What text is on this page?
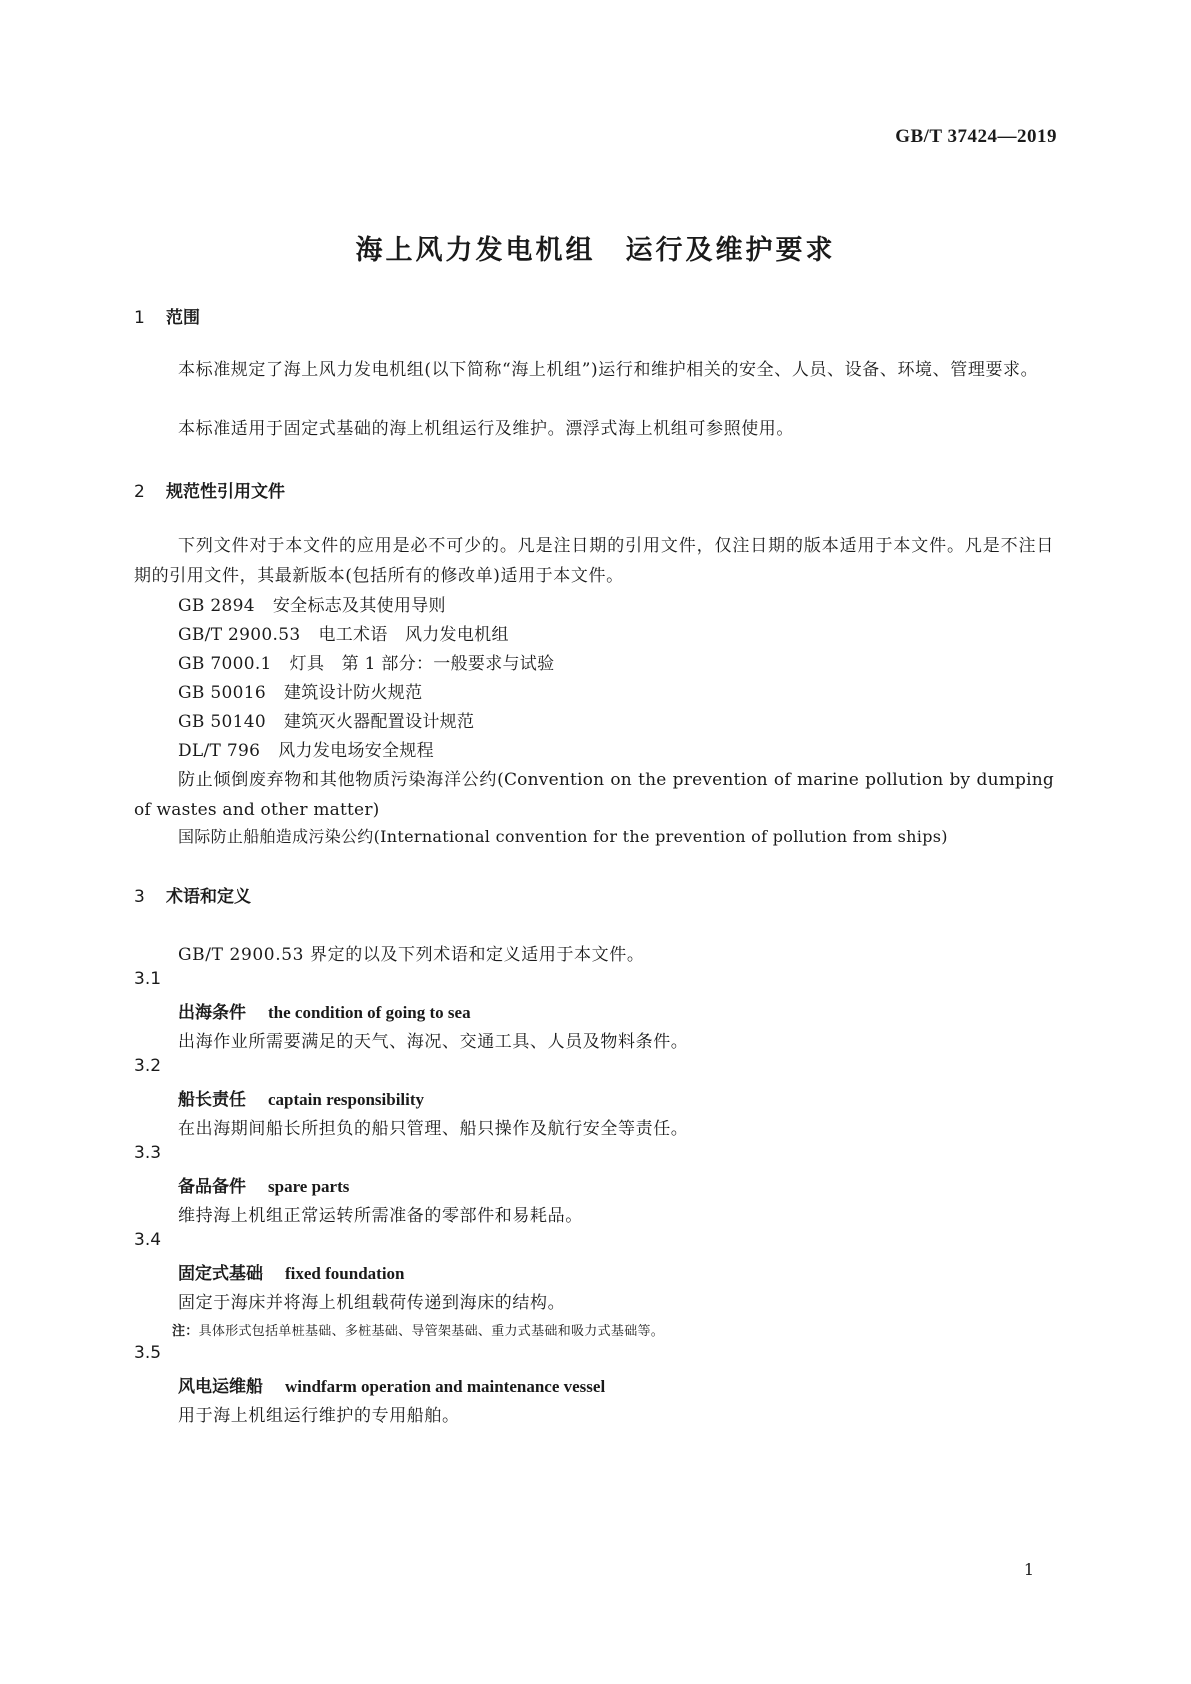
GB/T 37424—2019
海上风力发电机组　运行及维护要求
1 范围
本标准规定了海上风力发电机组(以下简称“海上机组”)运行和维护相关的安全、人员、设备、环境、管理要求。
本标准适用于固定式基础的海上机组运行及维护。漂浮式海上机组可参照使用。
2 规范性引用文件
下列文件对于本文件的应用是必不可少的。凡是注日期的引用文件，仅注日期的版本适用于本文件。凡是不注日期的引用文件，其最新版本(包括所有的修改单)适用于本文件。
GB 2894 安全标志及其使用导则
GB/T 2900.53 电工术语　风力发电机组
GB 7000.1 灯具　第 1 部分：一般要求与试验
GB 50016 建筑设计防火规范
GB 50140 建筑灭火器配置设计规范
DL/T 796 风力发电场安全规程
防止倾倒废弃物和其他物质污染海洋公约(Convention on the prevention of marine pollution by dumping of wastes and other matter)
国际防止船舶造成污染公约(International convention for the prevention of pollution from ships)
3 术语和定义
GB/T 2900.53 界定的以及下列术语和定义适用于本文件。
3.1
出海条件 the condition of going to sea
出海作业所需要满足的天气、海况、交通工具、人员及物料条件。
3.2
船长责任 captain responsibility
在出海期间船长所担负的船只管理、船只操作及航行安全等责任。
3.3
备品备件 spare parts
维持海上机组正常运转所需准备的零部件和易耗品。
3.4
固定式基础 fixed foundation
固定于海床并将海上机组载荷传递到海床的结构。
注：具体形式包括单桩基础、多桩基础、导管架基础、重力式基础和吸力式基础等。
3.5
风电运维船 windfarm operation and maintenance vessel
用于海上机组运行维护的专用船舶。
1
